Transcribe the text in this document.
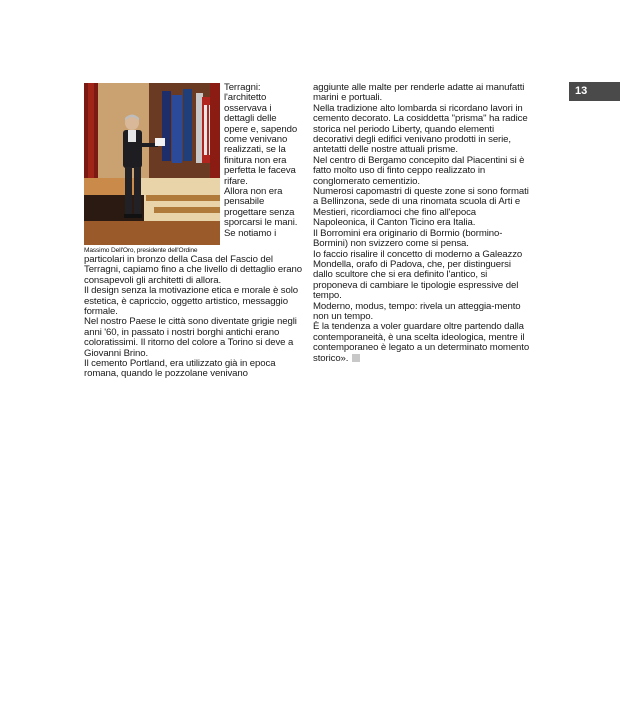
13
Massimo Dell'Oro, presidente dell'Ordine

Terragni: l'architetto osservava i dettagli delle opere e, sapendo come venivano realizzati, se la finitura non era perfetta le faceva rifare.

Allora non era pensabile progettare senza sporcarsi le mani.

Se notiamo i

particolari in bronzo della Casa del Fascio del Terragni, capiamo fino a che livello di dettaglio erano consapevoli gli architetti di allora.

Il design senza la motivazione etica e morale è solo estetica, è capriccio, oggetto artistico, messaggio formale.

Nel nostro Paese le città sono diventate grigie negli anni '60, in passato i nostri borghi antichi erano coloratissimi. Il ritorno del colore a Torino si deve a Giovanni Brino.

Il cemento Portland, era utilizzato già in epoca romana, quando le pozzolane venivano

aggiunte alle malte per renderle adatte ai manufatti marini e portuali.

Nella tradizione alto lombarda si ricordano lavori in cemento decorato. La cosiddetta "prisma" ha radice storica nel periodo Liberty, quando elementi decorativi degli edifici venivano prodotti in serie, antetatti delle nostre attuali prisme.

Nel centro di Bergamo concepito dal Piacentini si è fatto molto uso di finto ceppo realizzato in conglomerato cementizio.

Numerosi capomastri di queste zone si sono formati a Bellinzona, sede di una rinomata scuola di Arti e Mestieri, ricordiamoci che fino all'epoca Napoleonica, il Canton Ticino era Italia.

Il Borromini era originario di Bormio (bormino-Bormini) non svizzero come si pensa.

Io faccio risalire il concetto di moderno a Galeazzo Mondella, orafo di Padova, che, per distinguersi dallo scultore che si era definito l'antico, si proponeva di cambiare le tipologie espressive del tempo.

Moderno, modus, tempo: rivela un atteggia-mento non un tempo.

È la tendenza a voler guardare oltre partendo dalla contemporaneità, è una scelta ideologica, mentre il contemporaneo è legato a un determinato momento storico».
